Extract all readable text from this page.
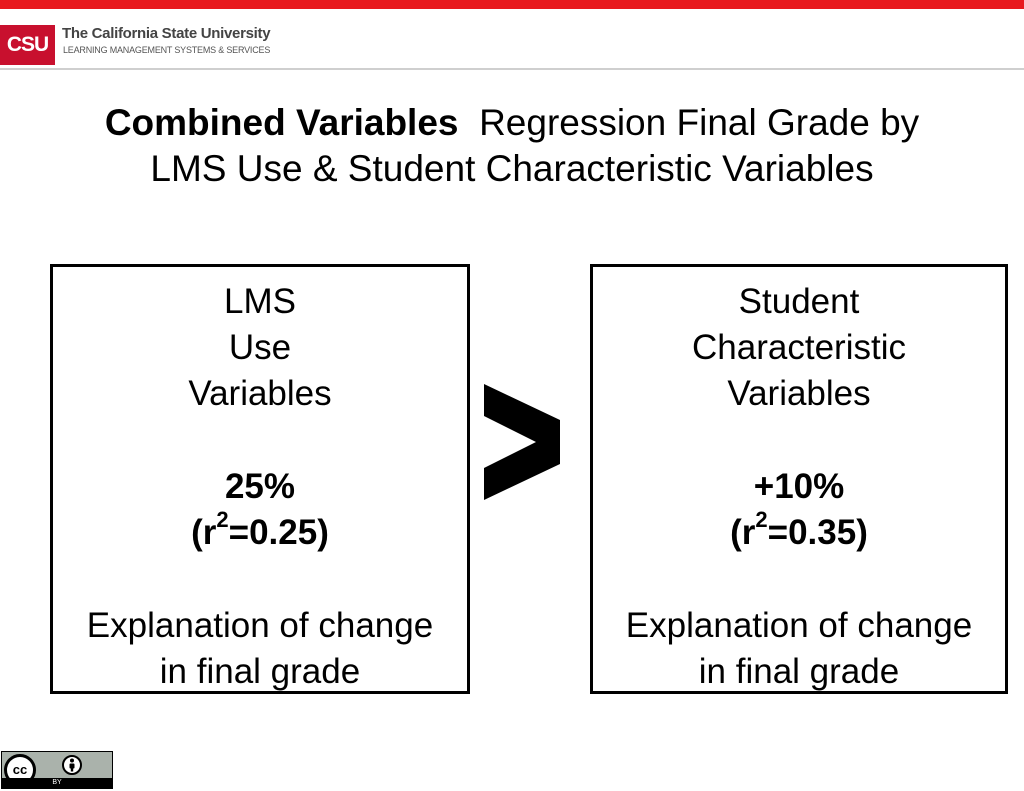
CSU The California State University
LEARNING MANAGEMENT SYSTEMS & SERVICES
Combined Variables Regression Final Grade by
LMS Use & Student Characteristic Variables
LMS
Use
Variables
25%
$(r^2=0.25)$
Explanation of change
in final grade
Student
Characteristic
Variables
+10%
$(r^2=0.35)$
Explanation of change
in final grade
cc
BY
